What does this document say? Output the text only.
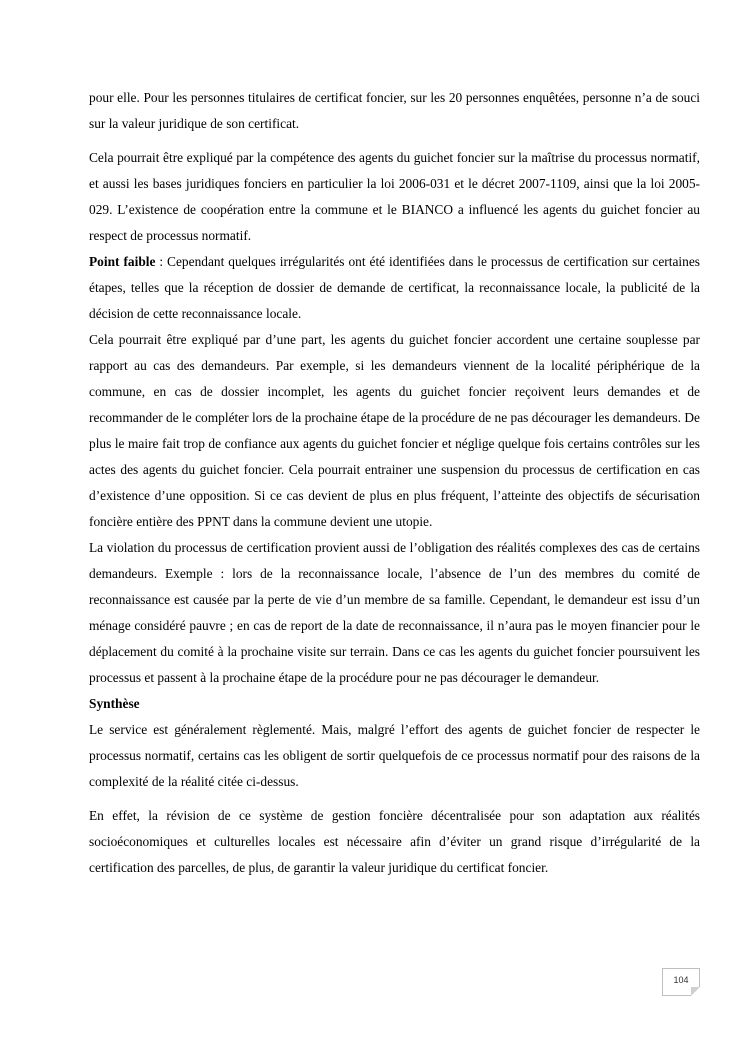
pour elle. Pour les personnes titulaires de certificat foncier, sur les 20 personnes enquêtées, personne n’a de souci sur la valeur juridique de son certificat.

Cela pourrait être expliqué par la compétence des agents du guichet foncier sur la maîtrise du processus normatif, et aussi les bases juridiques fonciers en particulier la loi 2006-031 et le décret 2007-1109, ainsi que la loi 2005-029. L’existence de coopération entre la commune et le BIANCO a influencé les agents du guichet foncier au respect de processus normatif.

Point faible : Cependant quelques irrégularités ont été identifiées dans le processus de certification sur certaines étapes, telles que la réception de dossier de demande de certificat, la reconnaissance locale, la publicité de la décision de cette reconnaissance locale.

Cela pourrait être expliqué par d’une part, les agents du guichet foncier accordent une certaine souplesse par rapport au cas des demandeurs. Par exemple, si les demandeurs viennent de la localité périphérique de la commune, en cas de dossier incomplet, les agents du guichet foncier reçoivent leurs demandes et de recommander de le compléter lors de la prochaine étape de la procédure de ne pas décourager les demandeurs. De plus le maire fait trop de confiance aux agents du guichet foncier et néglige quelque fois certains contrôles sur les actes des agents du guichet foncier. Cela pourrait entrainer une suspension du processus de certification en cas d’existence d’une opposition. Si ce cas devient de plus en plus fréquent, l’atteinte des objectifs de sécurisation foncière entière des PPNT dans la commune devient une utopie.

La violation du processus de certification provient aussi de l’obligation des réalités complexes des cas de certains demandeurs. Exemple : lors de la reconnaissance locale, l’absence de l’un des membres du comité de reconnaissance est causée par la perte de vie d’un membre de sa famille. Cependant, le demandeur est issu d’un ménage considéré pauvre ; en cas de report de la date de reconnaissance, il n’aura pas le moyen financier pour le déplacement du comité à la prochaine visite sur terrain. Dans ce cas les agents du guichet foncier poursuivent les processus et passent à la prochaine étape de la procédure pour ne pas décourager le demandeur.

Synthèse

Le service est généralement règlementé. Mais, malgré l’effort des agents de guichet foncier de respecter le processus normatif, certains cas les obligent de sortir quelquefois de ce processus normatif pour des raisons de la complexité de la réalité citée ci-dessus.

En effet, la révision de ce système de gestion foncière décentralisée pour son adaptation aux réalités socioéconomiques et culturelles locales est nécessaire afin d’éviter un grand risque d’irrégularité de la certification des parcelles, de plus, de garantir la valeur juridique du certificat foncier.

104
